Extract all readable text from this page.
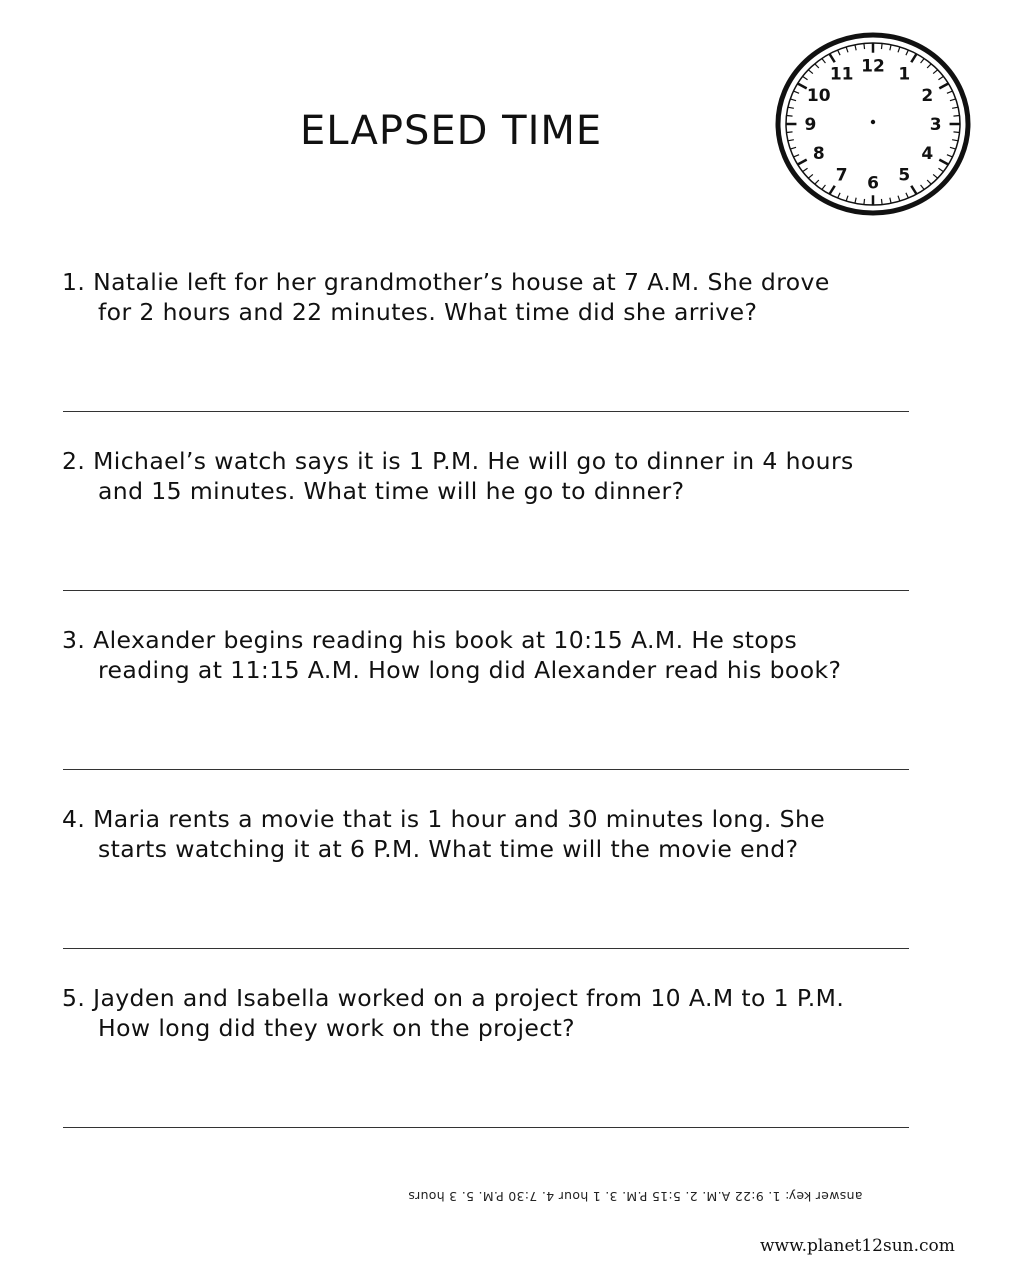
ELAPSED TIME
12 1
2
3
4
5
6
7
8
9
10
11
1. Natalie left for her grandmother’s house at 7 A.M. She drove
for 2 hours and 22 minutes. What time did she arrive?
2. Michael’s watch says it is 1 P.M. He will go to dinner in 4 hours
and 15 minutes. What time will he go to dinner?
3. Alexander begins reading his book at 10:15 A.M. He stops
reading at 11:15 A.M. How long did Alexander read his book?
4. Maria rents a movie that is 1 hour and 30 minutes long. She
starts watching it at 6 P.M. What time will the movie end?
5. Jayden and Isabella worked on a project from 10 A.M to 1 P.M.
How long did they work on the project?
answer key: 1. 9:22 A.M. 2. 5:15 P.M. 3. 1 hour 4. 7:30 P.M. 5. 3 hours
www.planet12sun.com
